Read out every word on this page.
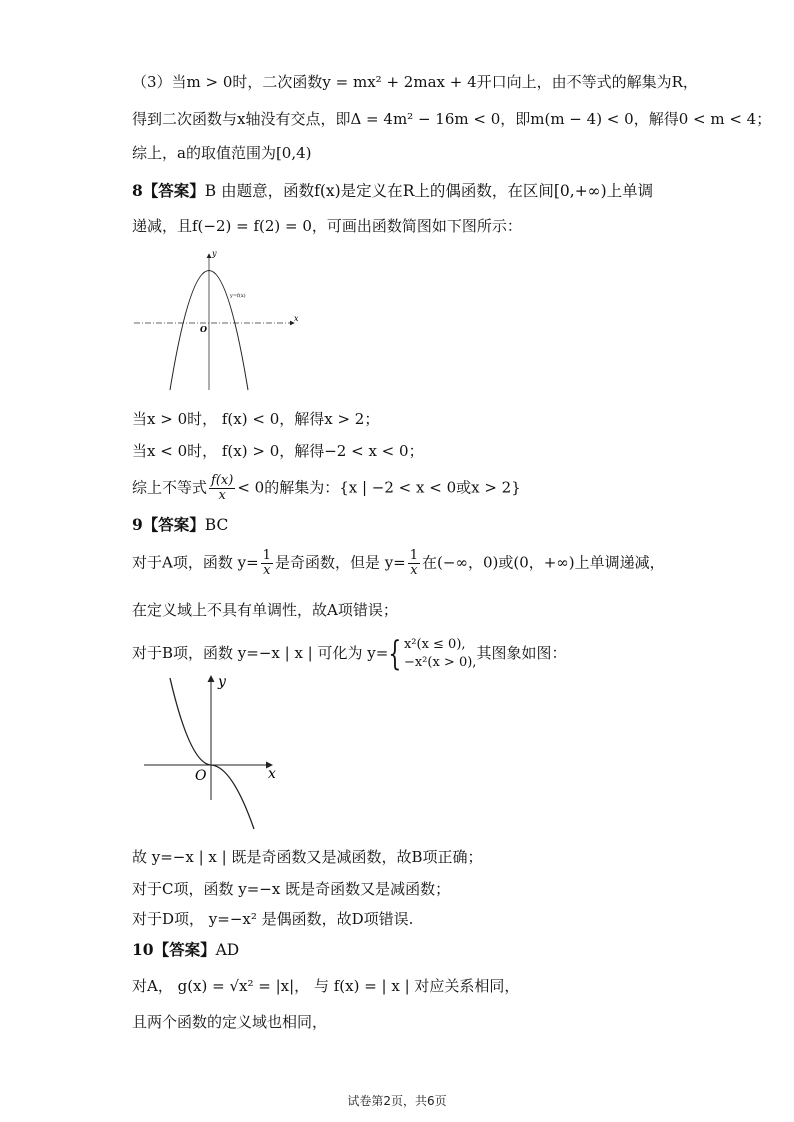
（3）当m > 0时，二次函数y = mx² + 2max + 4开口向上，由不等式的解集为R，
得到二次函数与x轴没有交点，即Δ = 4m² − 16m < 0，即m(m − 4) < 0，解得0 < m < 4；
综上，a的取值范围为[0,4)
8【答案】B 由题意，函数f(x)是定义在R上的偶函数，在区间[0,+∞)上单调
递减，且f(−2) = f(2) = 0，可画出函数简图如下图所示：
y
x
O
y=f(x)
当x > 0时， f(x) < 0，解得x > 2；
当x < 0时， f(x) > 0，解得−2 < x < 0；
综上不等式 $\frac{f(x)}{x} < 0$的解集为：{x | −2 < x < 0或x > 2}
9【答案】BC
对于A项，函数 $y= \frac{1}{x}$ 是奇函数，但是 $y= \frac{1}{x}$ 在(−∞，0)或(0，+∞)上单调递减，
在定义域上不具有单调性，故A项错误；
对于B项，函数 y=−x | x | 可化为 y={ x²(x ≤ 0),
−x²(x > 0),
其图象如图：
y
x
O
故 y=−x | x | 既是奇函数又是减函数，故B项正确；
对于C项，函数 y=−x 既是奇函数又是减函数；
对于D项， y=−x² 是偶函数，故D项错误.
10【答案】AD
对A， g(x) = √x² = |x|， 与 f(x) = | x | 对应关系相同，
且两个函数的定义域也相同，
试卷第2页，共6页
